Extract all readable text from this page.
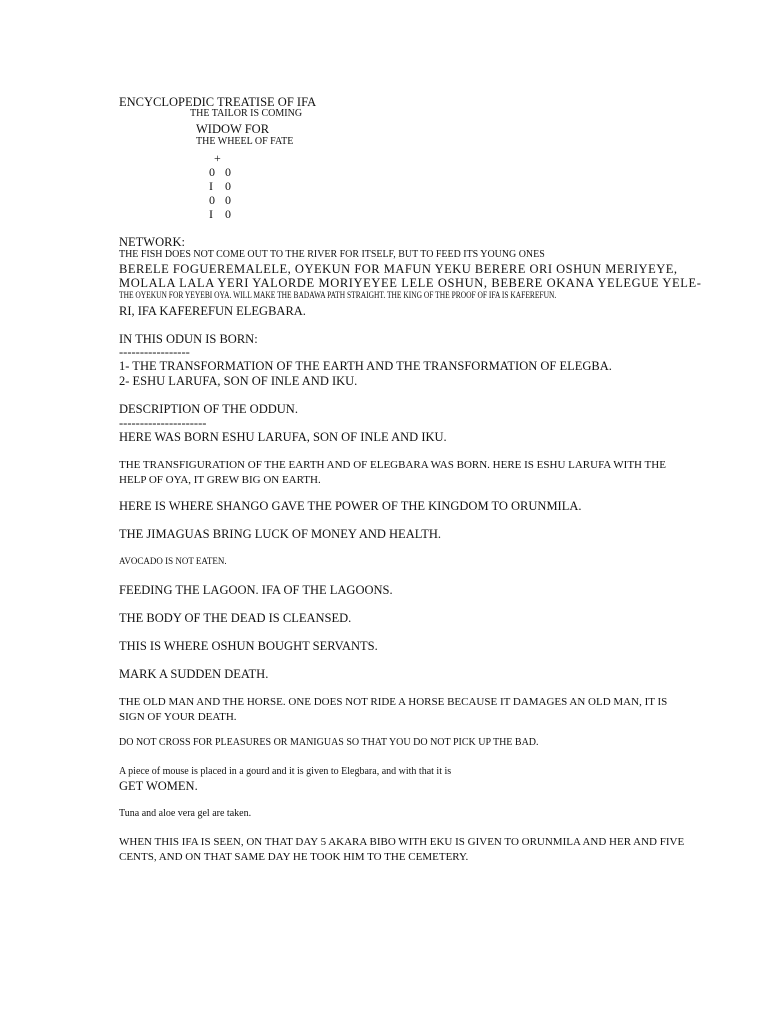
ENCYCLOPEDIC TREATISE OF IFA
THE TAILOR IS COMING
WIDOW FOR
THE WHEEL OF FATE
+
0 0
I 0
0 0
I 0
NETWORK:
THE FISH DOES NOT COME OUT TO THE RIVER FOR ITSELF, BUT TO FEED ITS YOUNG ONES
BERELE FOGUEREMALELE, OYEKUN FOR MAFUN YEKU BERERE ORI OSHUN MERIYEYE,
MOLALA LALA YERI YALORDE MORIYEYEE LELE OSHUN, BEBERE OKANA YELEGUE YELE-
THE OYEKUN FOR YEYEBI OYA. WILL MAKE THE BADAWA PATH STRAIGHT. THE KING OF THE PROOF OF IFA IS KAFEREFUN.
RI, IFA KAFEREFUN ELEGBARA.
IN THIS ODUN IS BORN:
-----------------
1- THE TRANSFORMATION OF THE EARTH AND THE TRANSFORMATION OF ELEGBA.
2- ESHU LARUFA, SON OF INLE AND IKU.
DESCRIPTION OF THE ODDUN.
---------------------
HERE WAS BORN ESHU LARUFA, SON OF INLE AND IKU.
THE TRANSFIGURATION OF THE EARTH AND OF ELEGBARA WAS BORN. HERE IS ESHU LARUFA WITH THE HELP OF OYA, IT GREW BIG ON EARTH.
HERE IS WHERE SHANGO GAVE THE POWER OF THE KINGDOM TO ORUNMILA.
THE JIMAGUAS BRING LUCK OF MONEY AND HEALTH.
AVOCADO IS NOT EATEN.
FEEDING THE LAGOON. IFA OF THE LAGOONS.
THE BODY OF THE DEAD IS CLEANSED.
THIS IS WHERE OSHUN BOUGHT SERVANTS.
MARK A SUDDEN DEATH.
THE OLD MAN AND THE HORSE. ONE DOES NOT RIDE A HORSE BECAUSE IT DAMAGES AN OLD MAN, IT IS SIGN OF YOUR DEATH.
DO NOT CROSS FOR PLEASURES OR MANIGUAS SO THAT YOU DO NOT PICK UP THE BAD.
A piece of mouse is placed in a gourd and it is given to Elegbara, and with that it is
GET WOMEN.
Tuna and aloe vera gel are taken.
WHEN THIS IFA IS SEEN, ON THAT DAY 5 AKARA BIBO WITH EKU IS GIVEN TO ORUNMILA AND HER AND FIVE CENTS, AND ON THAT SAME DAY HE TOOK HIM TO THE CEMETERY.
